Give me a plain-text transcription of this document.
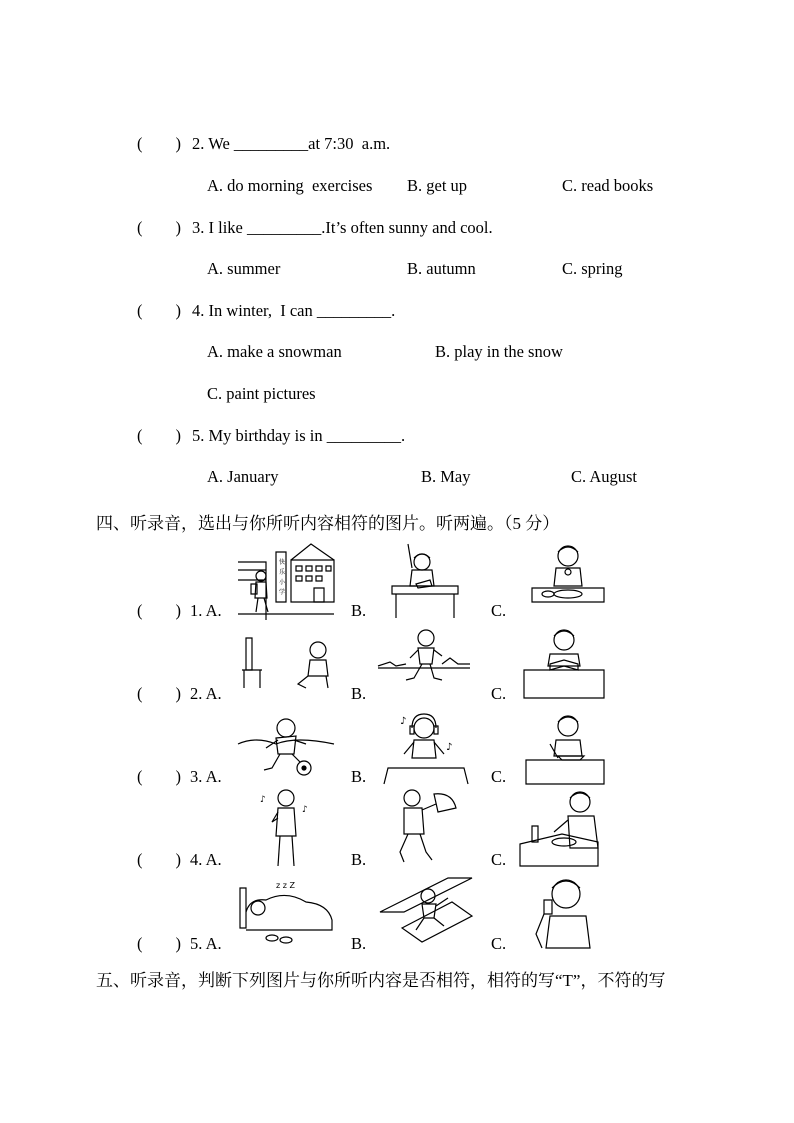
(        ) 2. We _________at 7:30  a.m.
A. do morning  exercises B. get up	C. read books
(        ) 3. I like _________.It’s often sunny and cool.
A. summer	B. autumn	C. spring
(        ) 4. In winter,  I can _________.
A. make a snowman	B. play in the snow
C. paint pictures
(        ) 5. My birthday is in _________.
A. January	B. May	C. August
四、听录音，选出与你所听内容相符的图片。听两遍。（5 分）
(        ) 1. A.	B.	C.
(        ) 2. A.	B.	C.
(        ) 3. A.	B.	C.
(        ) 4. A.	B.	C.
(        ) 5. A.	B.	C.
快
乐
小
学
♪
♪
♪
♪
z z Z
五、听录音，判断下列图片与你所听内容是否相符，相符的写“T”，不符的写
